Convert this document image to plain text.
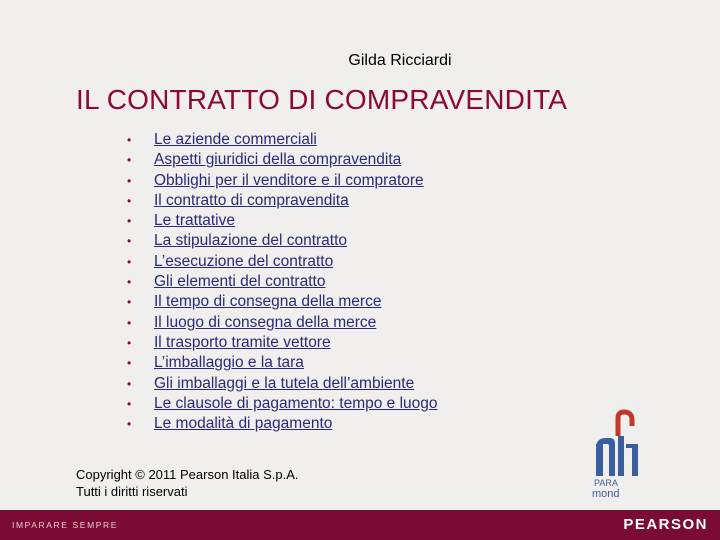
Gilda Ricciardi
IL CONTRATTO DI COMPRAVENDITA
• Le aziende commerciali
• Aspetti giuridici della compravendita
• Obblighi per il venditore e il compratore
• Il contratto di compravendita
• Le trattative
• La stipulazione del contratto
• L’esecuzione del contratto
• Gli elementi del contratto
• Il tempo di consegna della merce
• Il luogo di consegna della merce
• Il trasporto tramite vettore
• L’imballaggio e la tara
• Gli imballaggi e la tutela dell’ambiente
• Le clausole di pagamento: tempo e luogo
• Le modalità di pagamento
Copyright © 2011 Pearson Italia S.p.A.
Tutti i diritti riservati
PARA
mond
IMPARARE SEMPRE	PEARSON
